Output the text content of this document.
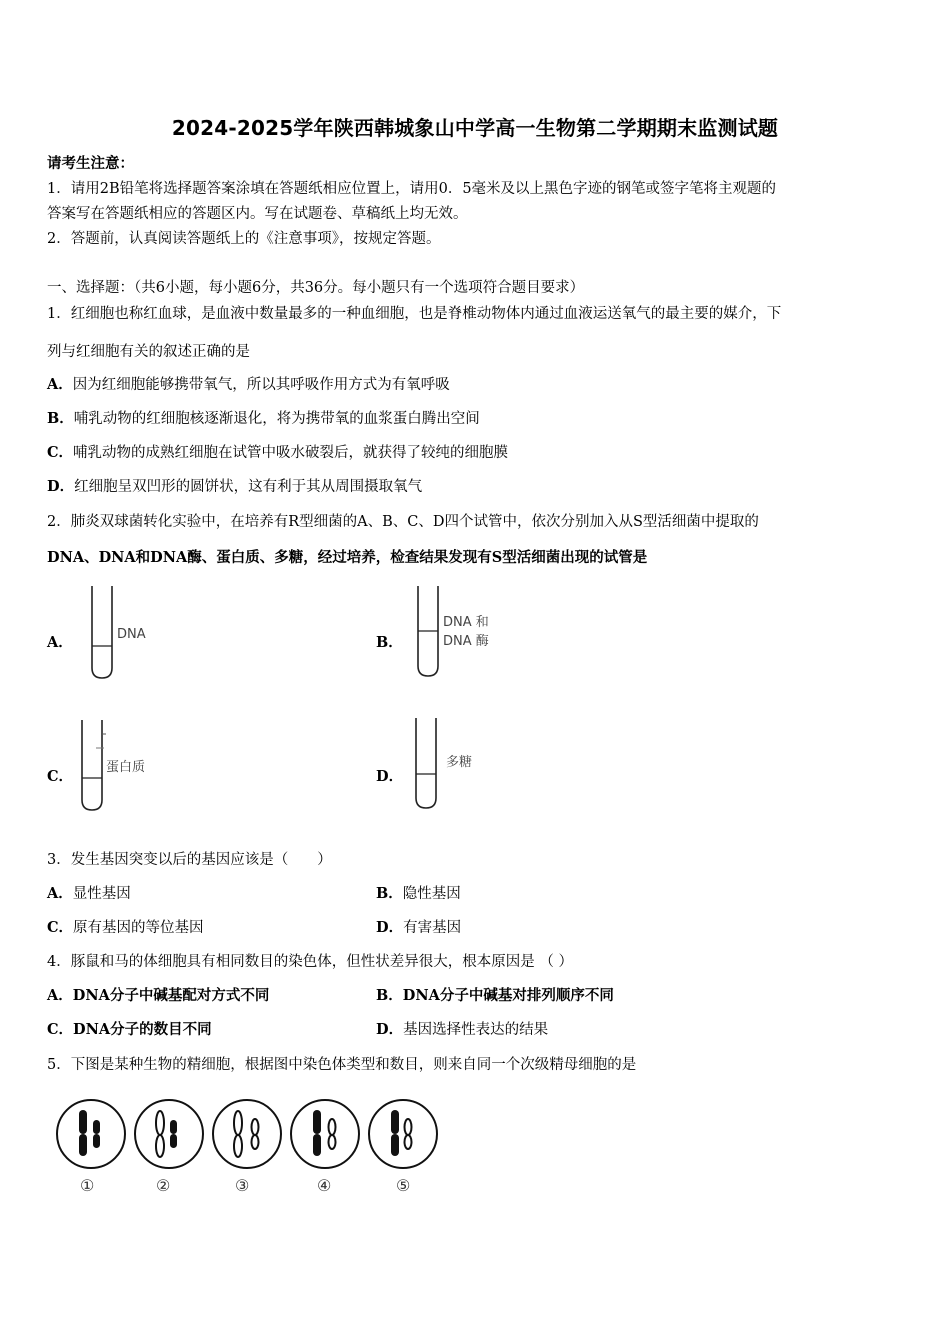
2024-2025学年陕西韩城象山中学高一生物第二学期期末监测试题
请考生注意：
1．请用2B铅笔将选择题答案涂填在答题纸相应位置上，请用0．5毫米及以上黑色字迹的钢笔或签字笔将主观题的
答案写在答题纸相应的答题区内。写在试题卷、草稿纸上均无效。
2．答题前，认真阅读答题纸上的《注意事项》，按规定答题。
一、选择题：（共6小题，每小题6分，共36分。每小题只有一个选项符合题目要求）
1．红细胞也称红血球，是血液中数量最多的一种血细胞，也是脊椎动物体内通过血液运送氧气的最主要的媒介，下
列与红细胞有关的叙述正确的是
A．因为红细胞能够携带氧气，所以其呼吸作用方式为有氧呼吸
B．哺乳动物的红细胞核逐渐退化，将为携带氧的血浆蛋白腾出空间
C．哺乳动物的成熟红细胞在试管中吸水破裂后，就获得了较纯的细胞膜
D．红细胞呈双凹形的圆饼状，这有利于其从周围摄取氧气
2．肺炎双球菌转化实验中，在培养有R型细菌的A、B、C、D四个试管中，依次分别加入从S型活细菌中提取的
DNA、DNA和DNA酶、蛋白质、多糖，经过培养，检查结果发现有S型活细菌出现的试管是
A．	DNA	B．
DNA 和
DNA 酶
C．
蛋白质
D．
多糖
3．发生基因突变以后的基因应该是（　　）
A．显性基因	B．隐性基因
C．原有基因的等位基因	D．有害基因
4．豚鼠和马的体细胞具有相同数目的染色体，但性状差异很大，根本原因是 （ ）
A．DNA分子中碱基配对方式不同	B．DNA分子中碱基对排列顺序不同
C．DNA分子的数目不同	D．基因选择性表达的结果
5．下图是某种生物的精细胞，根据图中染色体类型和数目，则来自同一个次级精母细胞的是
①	②	③	④	⑤
